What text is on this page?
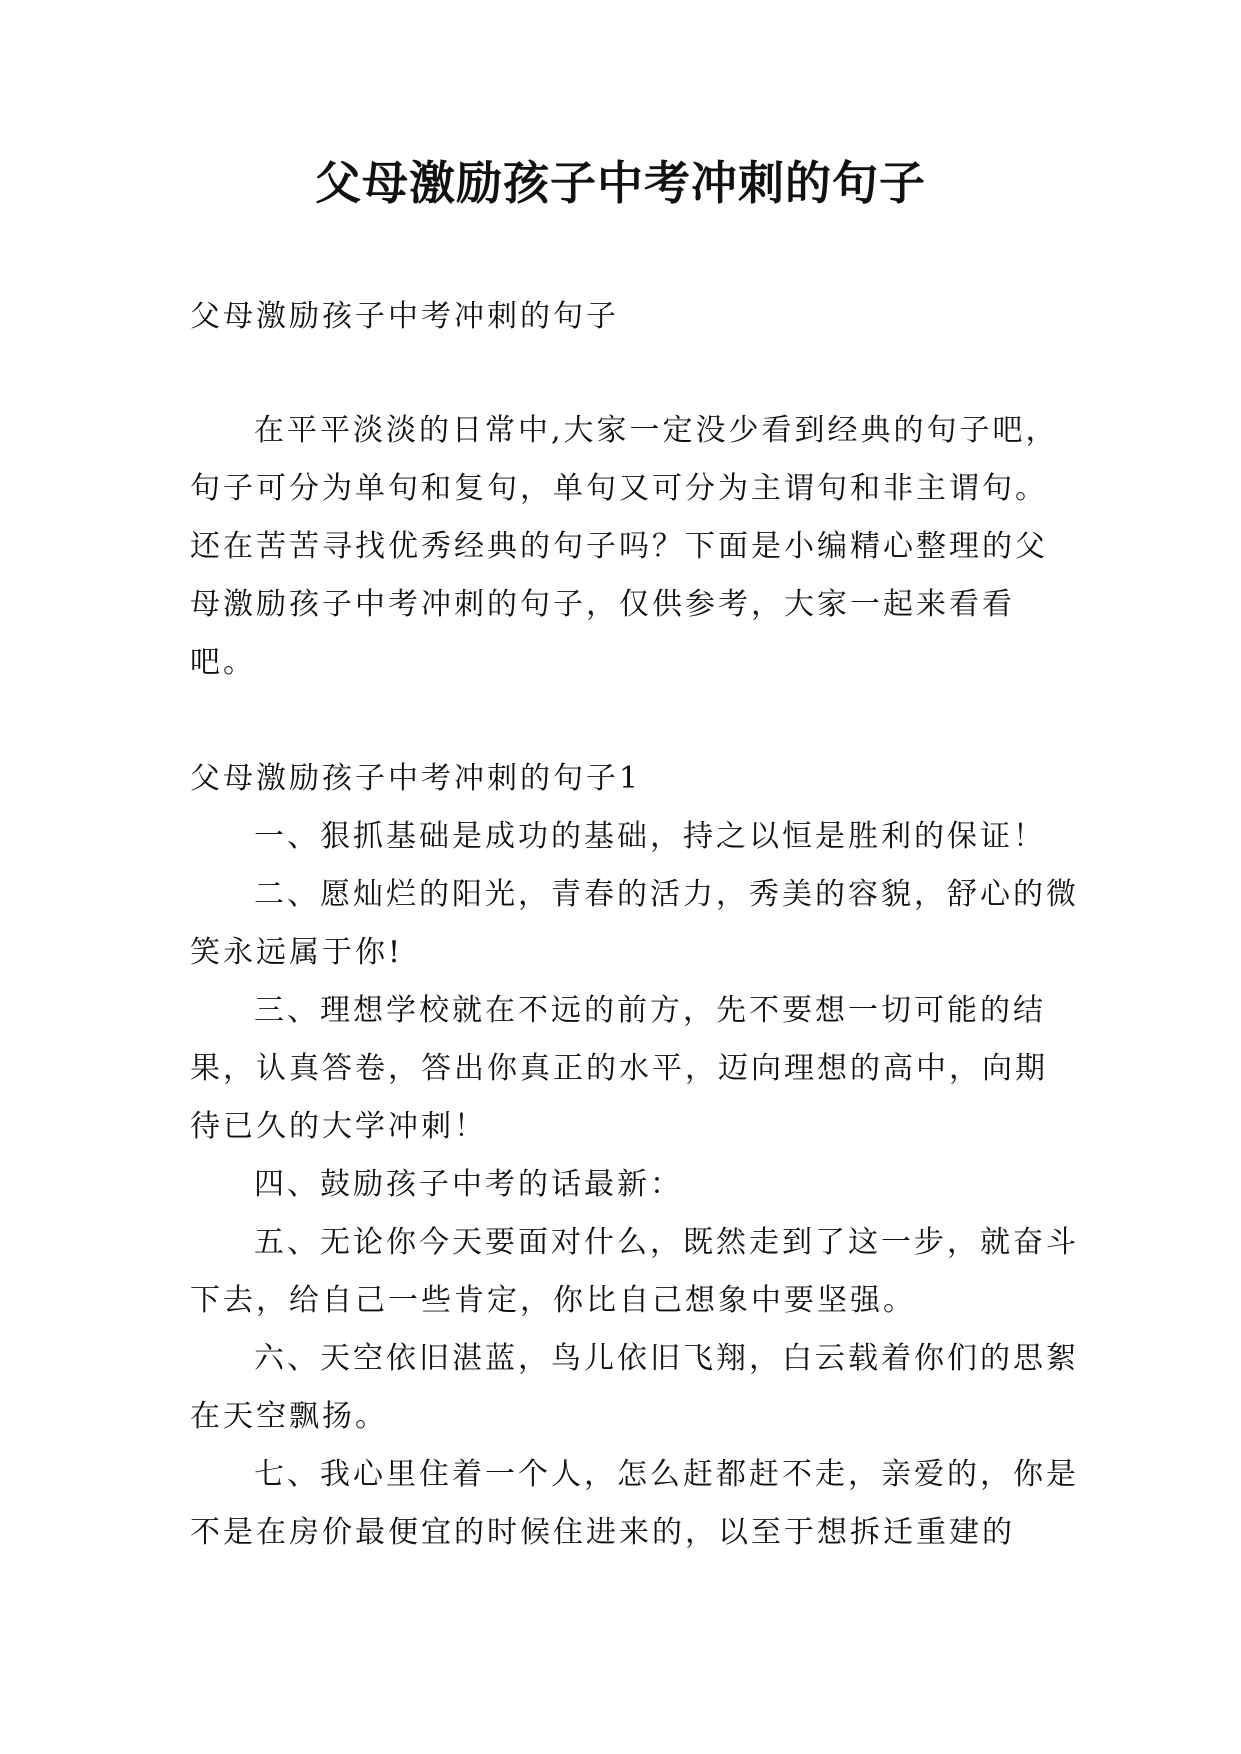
父母激励孩子中考冲刺的句子

父母激励孩子中考冲刺的句子

在平平淡淡的日常中,大家一定没少看到经典的句子吧，句子可分为单句和复句，单句又可分为主谓句和非主谓句。还在苦苦寻找优秀经典的句子吗？下面是小编精心整理的父母激励孩子中考冲刺的句子，仅供参考，大家一起来看看吧。

父母激励孩子中考冲刺的句子1

一、狠抓基础是成功的基础，持之以恒是胜利的保证！

二、愿灿烂的阳光，青春的活力，秀美的容貌，舒心的微笑永远属于你!

三、理想学校就在不远的前方，先不要想一切可能的结果，认真答卷，答出你真正的水平，迈向理想的高中，向期待已久的大学冲刺！

四、鼓励孩子中考的话最新：

五、无论你今天要面对什么，既然走到了这一步，就奋斗下去，给自己一些肯定，你比自己想象中要坚强。

六、天空依旧湛蓝，鸟儿依旧飞翔，白云载着你们的思絮在天空飘扬。

七、我心里住着一个人，怎么赶都赶不走，亲爱的，你是不是在房价最便宜的时候住进来的，以至于想拆迁重建的
